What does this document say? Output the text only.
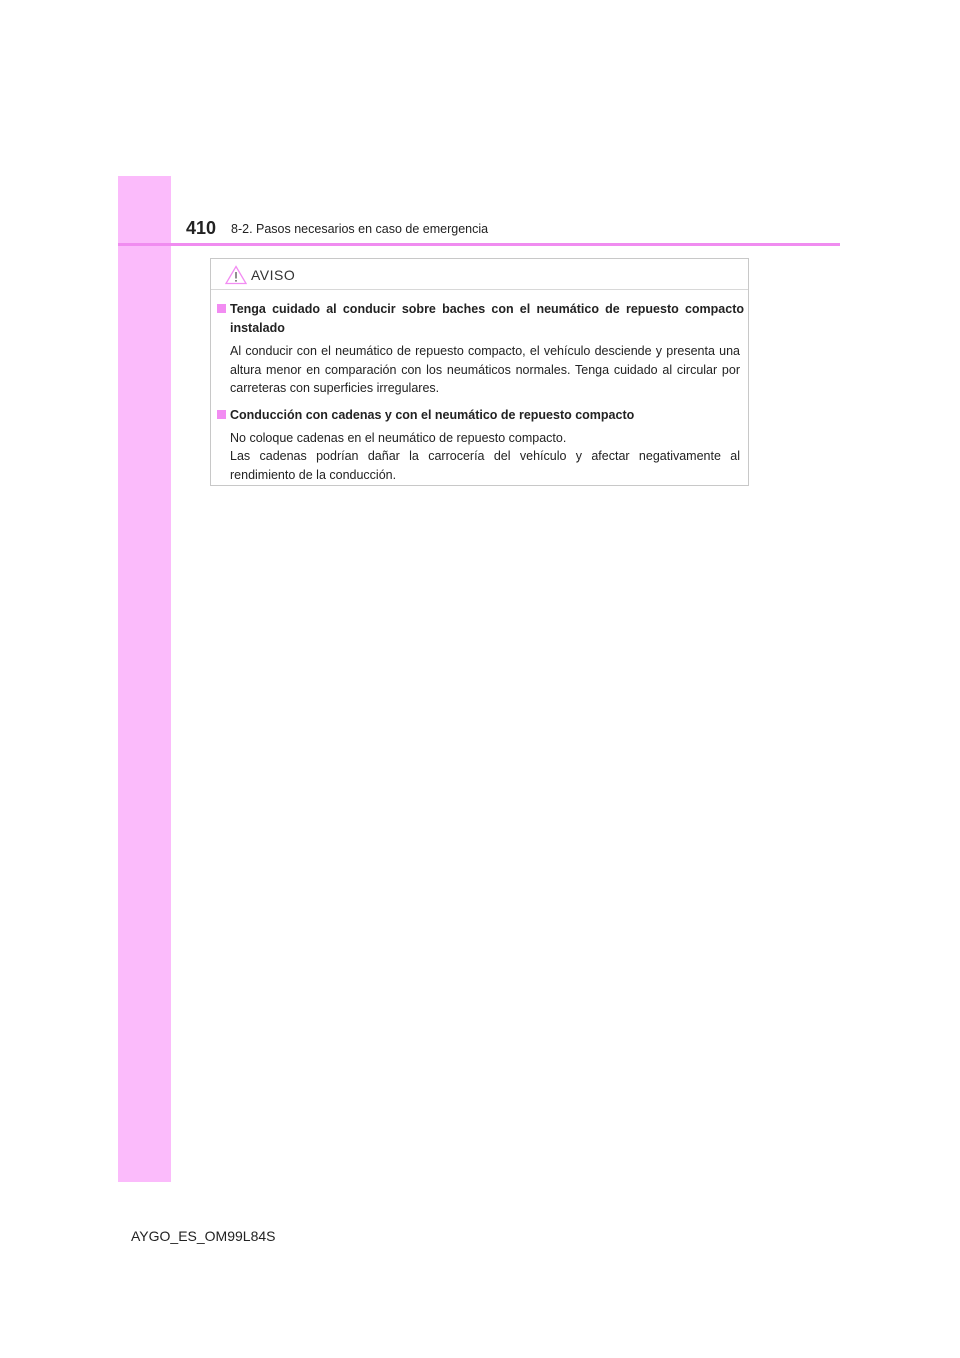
410 8-2. Pasos necesarios en caso de emergencia
AVISO
Tenga cuidado al conducir sobre baches con el neumático de repuesto compacto instalado

Al conducir con el neumático de repuesto compacto, el vehículo desciende y presenta una altura menor en comparación con los neumáticos normales. Tenga cuidado al circular por carreteras con superficies irregulares.

Conducción con cadenas y con el neumático de repuesto compacto

No coloque cadenas en el neumático de repuesto compacto.

Las cadenas podrían dañar la carrocería del vehículo y afectar negativamente al rendimiento de la conducción.

AYGO_ES_OM99L84S
